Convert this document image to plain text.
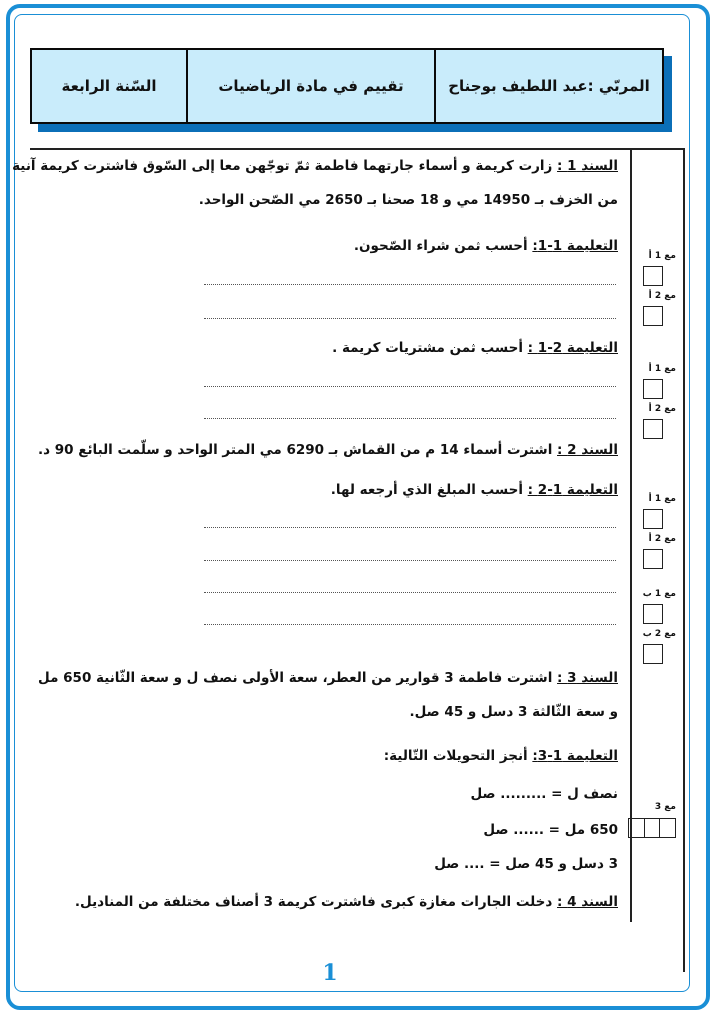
المربّي :عبد اللطيف بوجناح
تقييم في مادة الرياضيات
السّنة الرابعة
السند 1 : زارت كريمة و أسماء جارتهما فاطمة ثمّ توجّهن معا إلى السّوق فاشترت كريمة آنية
من الخزف بـ 14950 مي و 18 صحنا بـ 2650 مي الصّحن الواحد.
التعليمة 1-1: أحسب ثمن شراء الصّحون.
التعليمة 2-1 : أحسب ثمن مشتريات كريمة .
السند 2 : اشترت أسماء 14 م من القماش بـ 6290 مي المتر الواحد و سلّمت البائع 90 د.
التعليمة 1-2 : أحسب المبلغ الذي أرجعه لها.
السند 3 : اشترت فاطمة 3 قوارير من العطر، سعة الأولى نصف ل و سعة الثّانية 650 مل
و سعة الثّالثة 3 دسل و 45 صل.
التعليمة 1-3: أنجز التحويلات التّالية:
نصف ل = ......... صل
650 مل = ...... صل
3 دسل و 45 صل = .... صل
السند 4 : دخلت الجارات مغازة كبرى فاشترت كريمة 3 أصناف مختلفة من المناديل.
مع 1 أ
مع 2 أ
مع 1 أ
مع 2 أ
مع 1 أ
مع 2 أ
مع 1 ب
مع 2 ب
مع 3
1
